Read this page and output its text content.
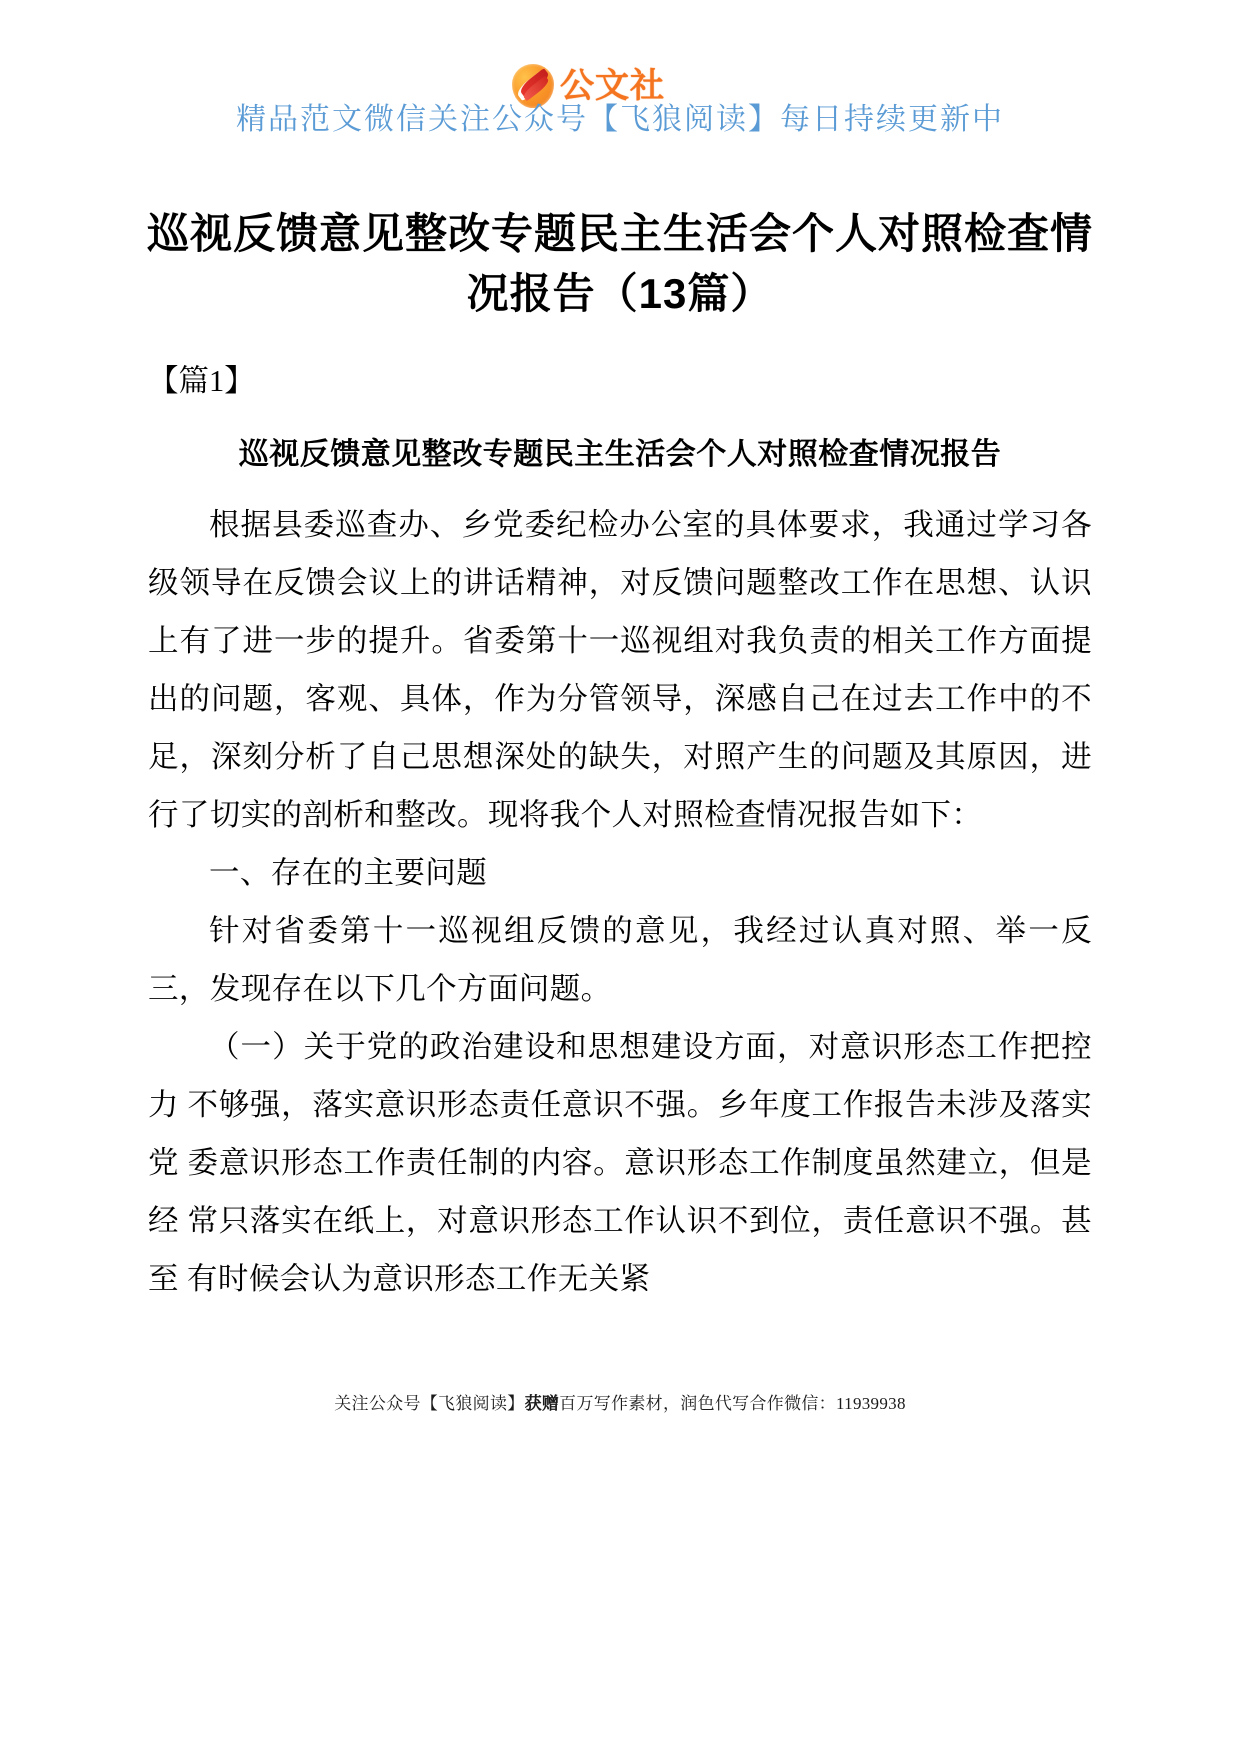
公文社
精品范文微信关注公众号【飞狼阅读】每日持续更新中
巡视反馈意见整改专题民主生活会个人对照检查情况报告（13篇）

【篇1】

巡视反馈意见整改专题民主生活会个人对照检查情况报告

根据县委巡查办、乡党委纪检办公室的具体要求，我通过学习各 级领导在反馈会议上的讲话精神，对反馈问题整改工作在思想、认识 上有了进一步的提升。省委第十一巡视组对我负责的相关工作方面提 出的问题，客观、具体，作为分管领导，深感自己在过去工作中的不 足，深刻分析了自己思想深处的缺失，对照产生的问题及其原因，进 行了切实的剖析和整改。现将我个人对照检查情况报告如下：

一、存在的主要问题

针对省委第十一巡视组反馈的意见，我经过认真对照、举一反三，发现存在以下几个方面问题。

（一）关于党的政治建设和思想建设方面，对意识形态工作把控力 不够强，落实意识形态责任意识不强。乡年度工作报告未涉及落实党 委意识形态工作责任制的内容。意识形态工作制度虽然建立，但是经 常只落实在纸上，对意识形态工作认识不到位，责任意识不强。甚至 有时候会认为意识形态工作无关紧

关注公众号【飞狼阅读】获赠百万写作素材，润色代写合作微信：11939938
